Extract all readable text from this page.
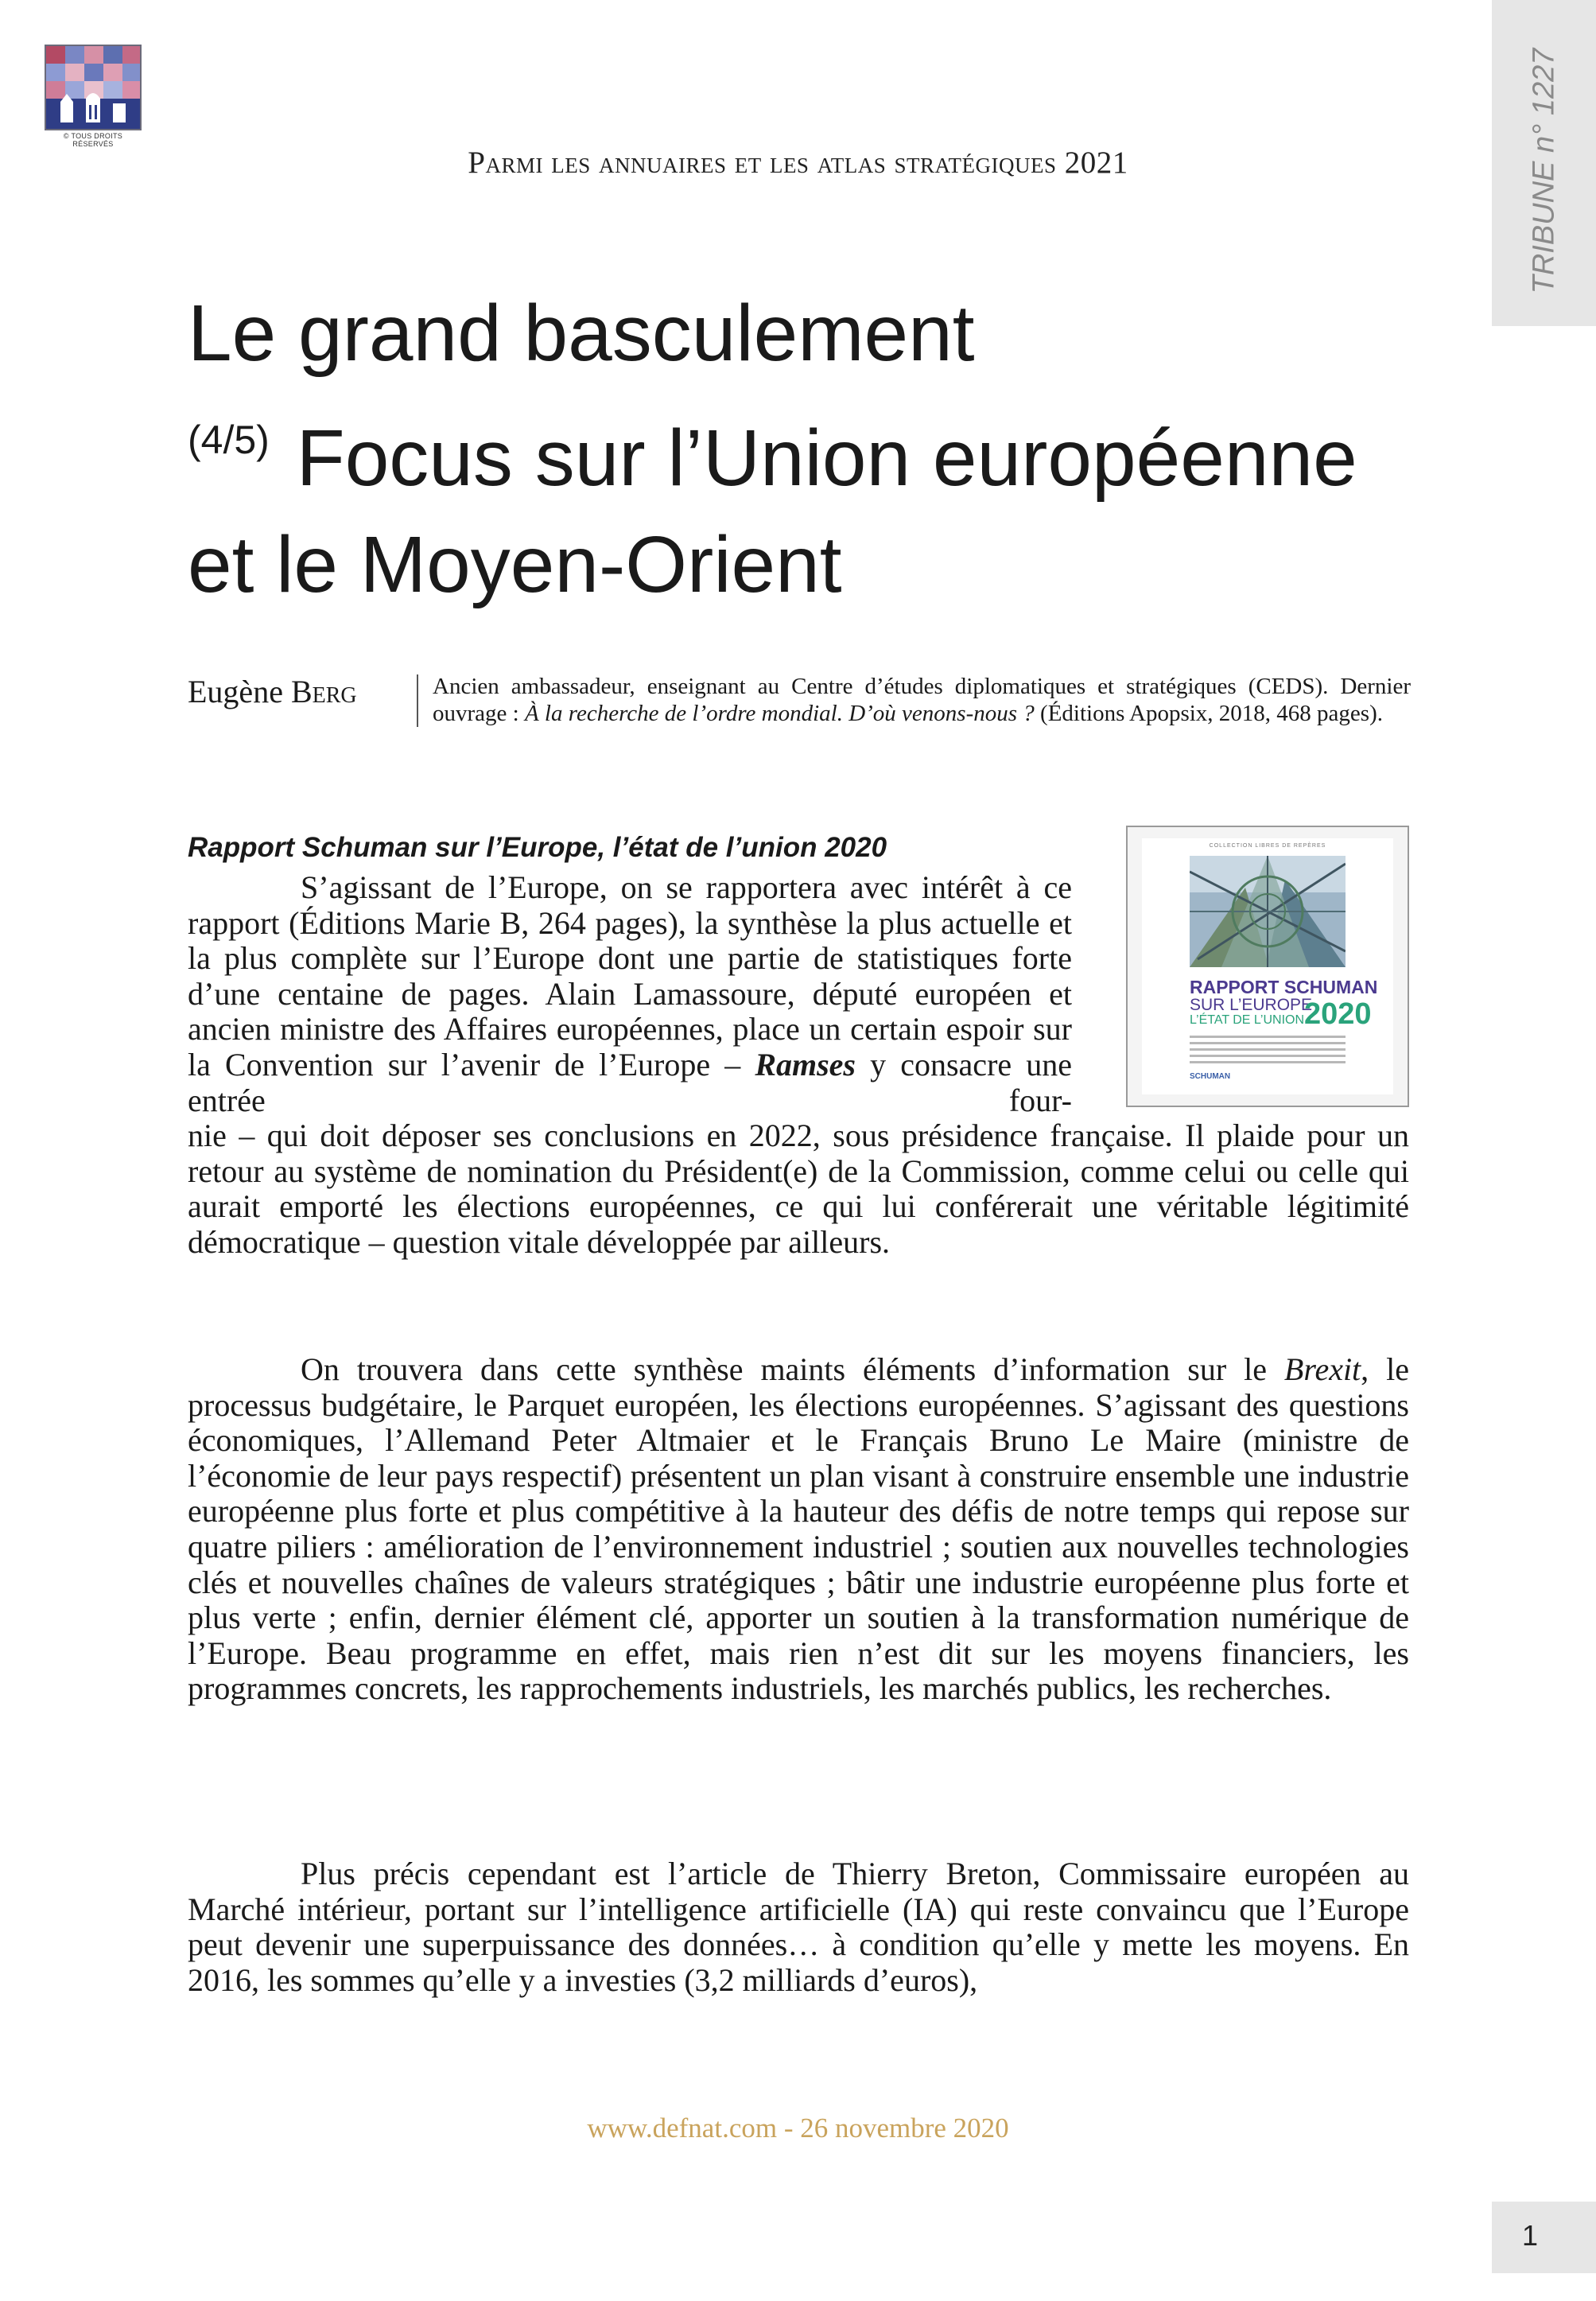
© TOUS DROITS RÉSERVÉS	TRIBUNE n° 1227
Parmi les annuaires et les atlas stratégiques 2021
Le grand basculement
$^{(4/5)}$ Focus sur l’Union européenne
et le Moyen-Orient
Eugène Berg	Ancien ambassadeur, enseignant au Centre d’études diplomatiques et stratégiques (CEDS). Dernier ouvrage : À la recherche de l’ordre mondial. D’où venons-nous ? (Éditions Apopsix, 2018, 468 pages).
Rapport Schuman sur l’Europe, l’état de l’union 2020	COLLECTION LIBRES DE REPÈRES
RAPPORT SCHUMAN
SUR L’EUROPE
L’ÉTAT DE L’UNION 2020
SCHUMAN

S’agissant de l’Europe, on se rapportera avec intérêt à ce rapport (Éditions Marie B, 264 pages), la synthèse la plus actuelle et la plus complète sur l’Europe dont une partie de statistiques forte d’une centaine de pages. Alain Lamassoure, député européen et ancien ministre des Affaires européennes, place un certain espoir sur la Convention sur l’avenir de l’Europe – Ramses y consacre une entrée four-

nie – qui doit déposer ses conclusions en 2022, sous présidence française. Il plaide pour un retour au système de nomination du Président(e) de la Commission, comme celui ou celle qui aurait emporté les élections européennes, ce qui lui conférerait une véritable légitimité démocratique – question vitale développée par ailleurs.

On trouvera dans cette synthèse maints éléments d’information sur le Brexit, le processus budgétaire, le Parquet européen, les élections européennes. S’agissant des questions économiques, l’Allemand Peter Altmaier et le Français Bruno Le Maire (ministre de l’économie de leur pays respectif) présentent un plan visant à construire ensemble une industrie européenne plus forte et plus compétitive à la hauteur des défis de notre temps qui repose sur quatre piliers : amélioration de l’environnement industriel ; soutien aux nouvelles technologies clés et nouvelles chaînes de valeurs stratégiques ; bâtir une industrie européenne plus forte et plus verte ; enfin, dernier élément clé, apporter un soutien à la transformation numérique de l’Europe. Beau programme en effet, mais rien n’est dit sur les moyens financiers, les programmes concrets, les rapprochements industriels, les marchés publics, les recherches.

Plus précis cependant est l’article de Thierry Breton, Commissaire européen au Marché intérieur, portant sur l’intelligence artificielle (IA) qui reste convaincu que l’Europe peut devenir une superpuissance des données… à condition qu’elle y mette les moyens. En 2016, les sommes qu’elle y a investies (3,2 milliards d’euros),

www.defnat.com - 26 novembre 2020
1
